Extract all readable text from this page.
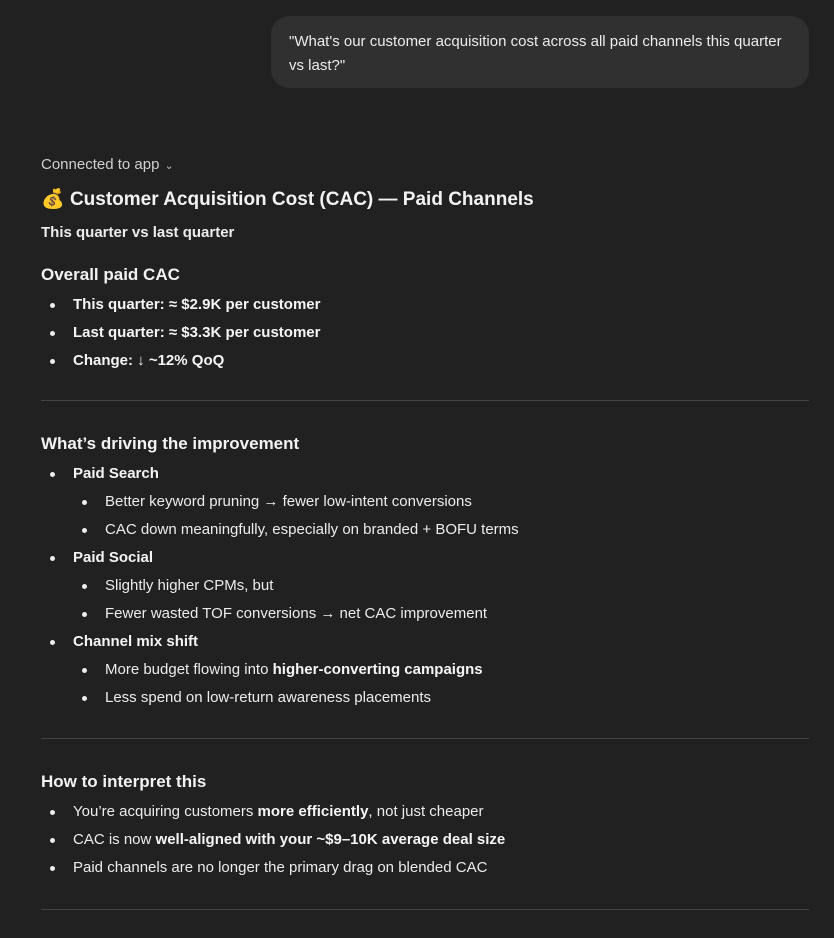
"What's our customer acquisition cost across all paid channels this quarter vs last?"
Connected to app ⌄
💰 Customer Acquisition Cost (CAC) — Paid Channels
This quarter vs last quarter
Overall paid CAC
This quarter: ≈ $2.9K per customer
Last quarter: ≈ $3.3K per customer
Change: ↓ ~12% QoQ
What’s driving the improvement
Paid Search
Better keyword pruning → fewer low-intent conversions
CAC down meaningfully, especially on branded + BOFU terms
Paid Social
Slightly higher CPMs, but
Fewer wasted TOF conversions → net CAC improvement
Channel mix shift
More budget flowing into higher-converting campaigns
Less spend on low-return awareness placements
How to interpret this
You’re acquiring customers more efficiently, not just cheaper
CAC is now well-aligned with your ~$9–10K average deal size
Paid channels are no longer the primary drag on blended CAC
